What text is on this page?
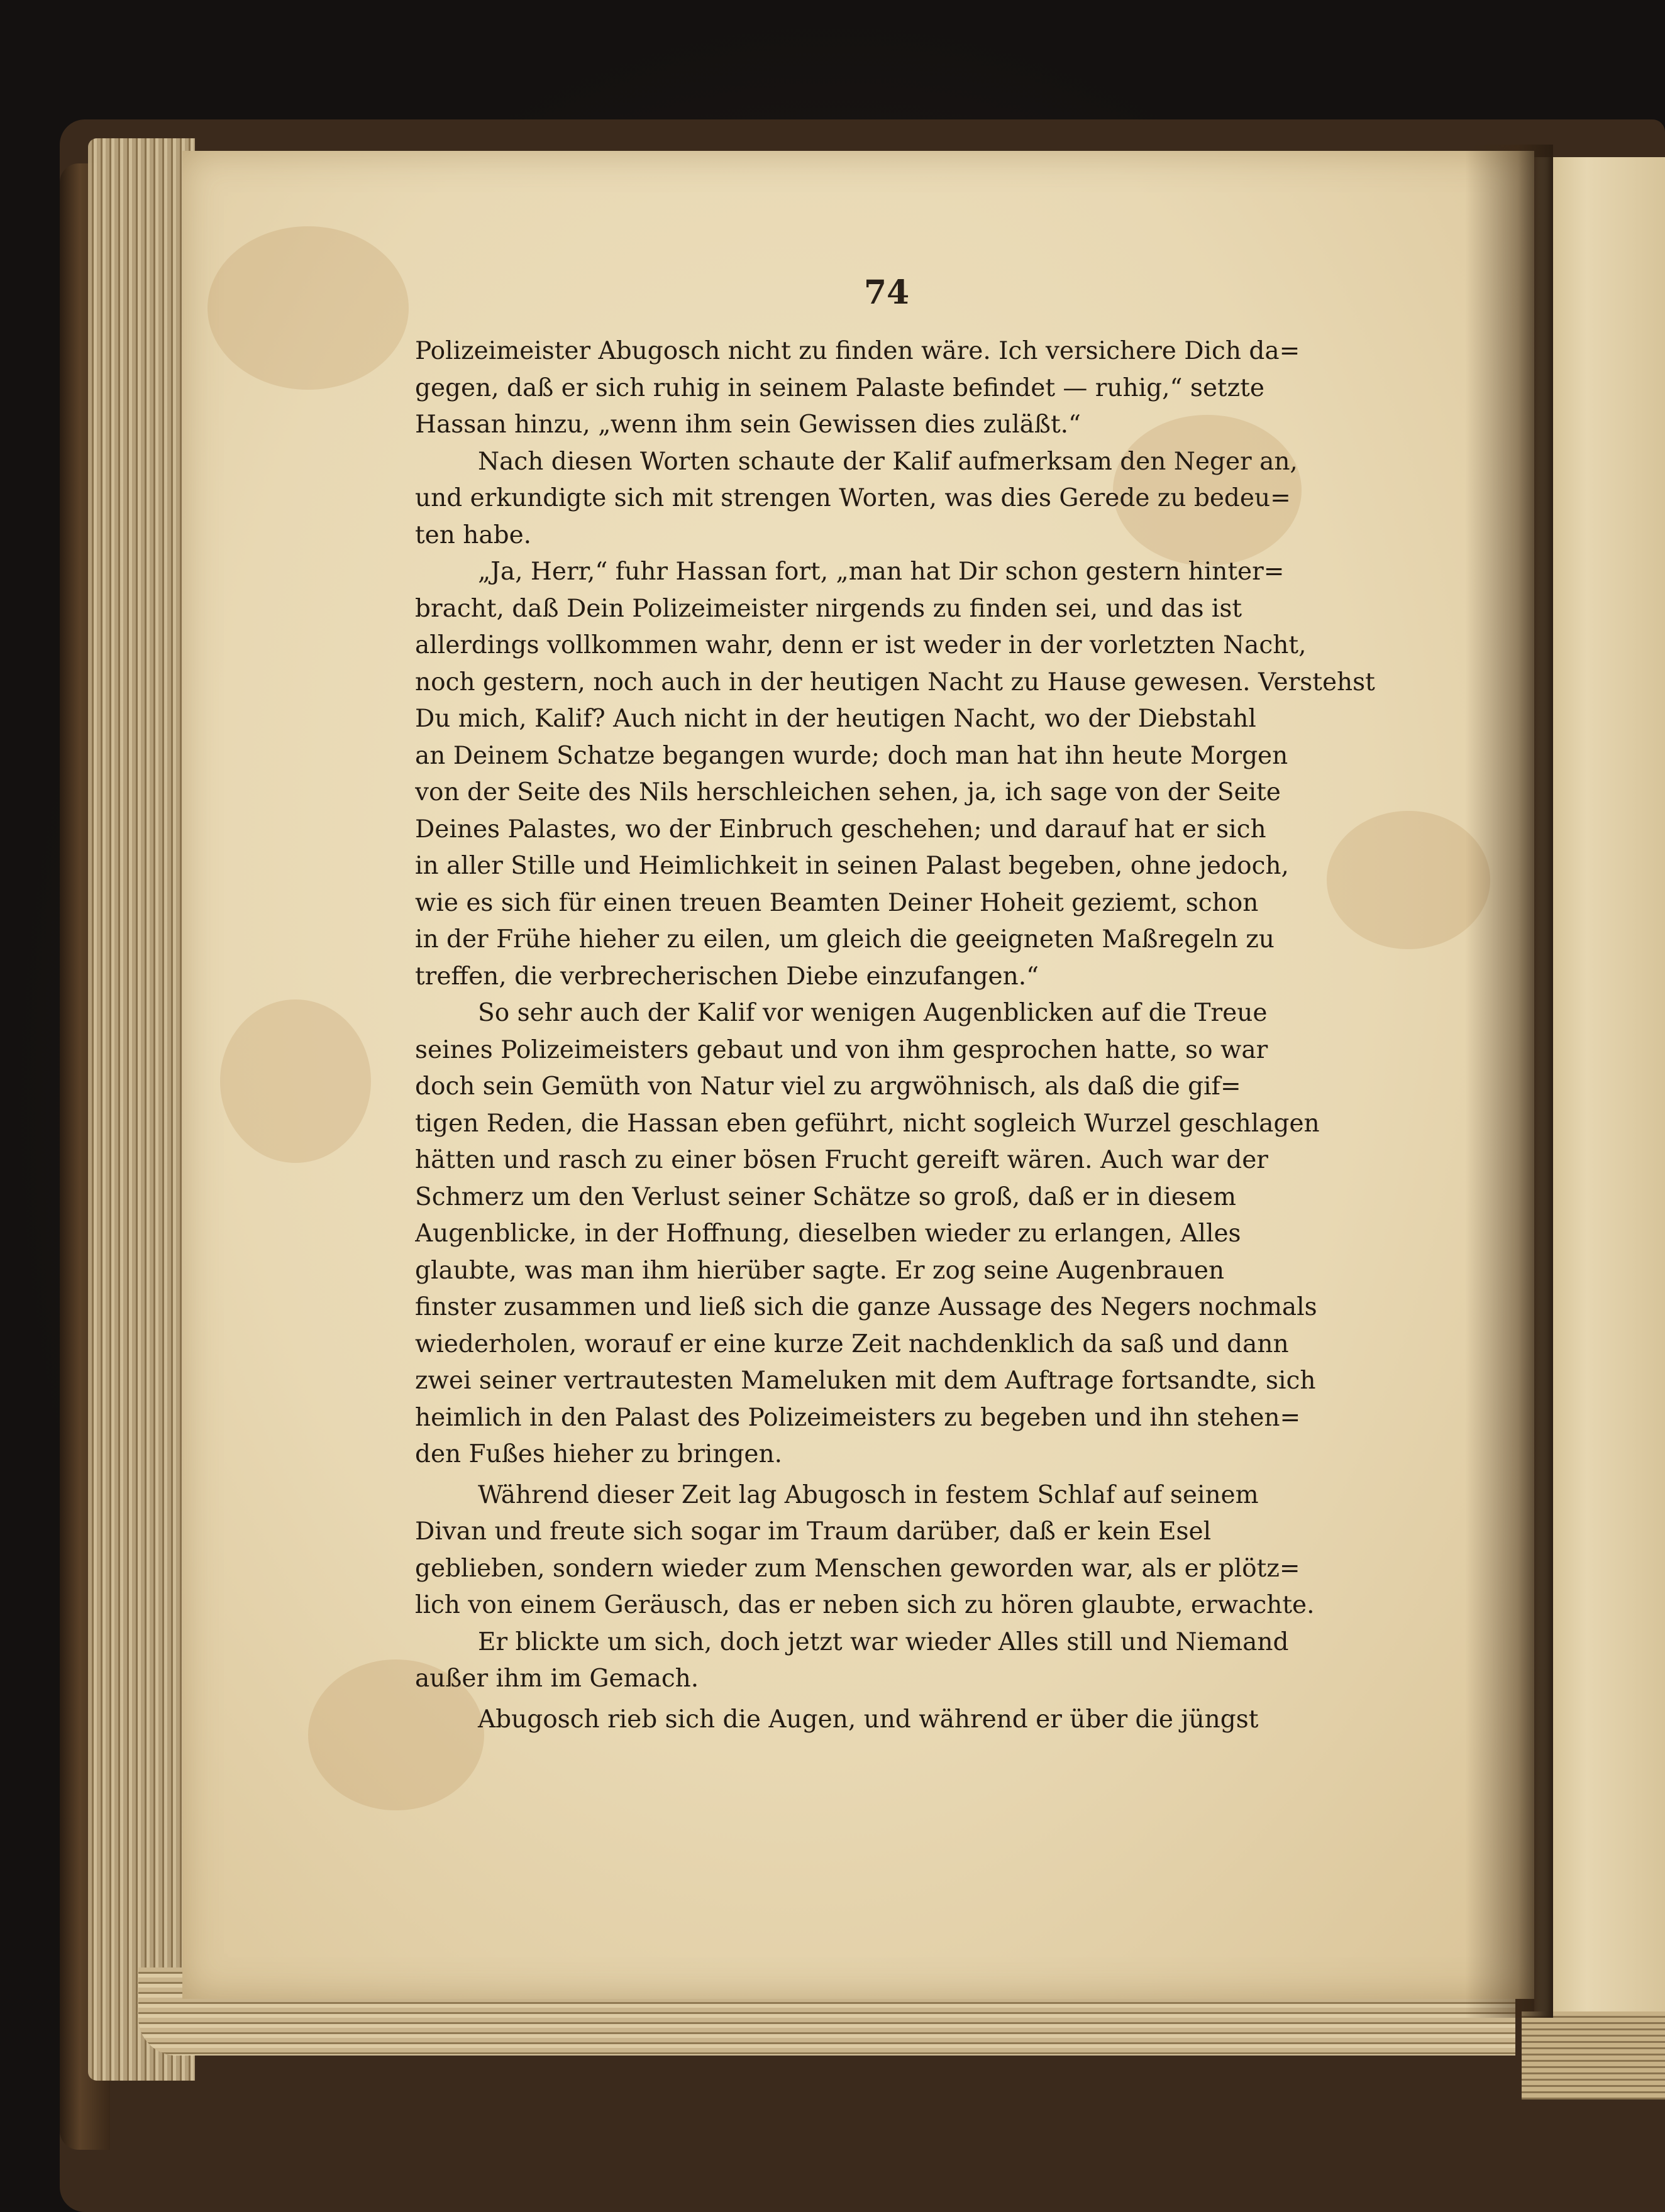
74
Polizeimeister Abugosch nicht zu finden wäre. Ich versichere Dich da=
gegen, daß er sich ruhig in seinem Palaste befindet — ruhig,“ setzte
Hassan hinzu, „wenn ihm sein Gewissen dies zuläßt.“
Nach diesen Worten schaute der Kalif aufmerksam den Neger an,
und erkundigte sich mit strengen Worten, was dies Gerede zu bedeu=
ten habe.
„Ja, Herr,“ fuhr Hassan fort, „man hat Dir schon gestern hinter=
bracht, daß Dein Polizeimeister nirgends zu finden sei, und das ist
allerdings vollkommen wahr, denn er ist weder in der vorletzten Nacht,
noch gestern, noch auch in der heutigen Nacht zu Hause gewesen. Verstehst
Du mich, Kalif? Auch nicht in der heutigen Nacht, wo der Diebstahl
an Deinem Schatze begangen wurde; doch man hat ihn heute Morgen
von der Seite des Nils herschleichen sehen, ja, ich sage von der Seite
Deines Palastes, wo der Einbruch geschehen; und darauf hat er sich
in aller Stille und Heimlichkeit in seinen Palast begeben, ohne jedoch,
wie es sich für einen treuen Beamten Deiner Hoheit geziemt, schon
in der Frühe hieher zu eilen, um gleich die geeigneten Maßregeln zu
treffen, die verbrecherischen Diebe einzufangen.“
So sehr auch der Kalif vor wenigen Augenblicken auf die Treue
seines Polizeimeisters gebaut und von ihm gesprochen hatte, so war
doch sein Gemüth von Natur viel zu argwöhnisch, als daß die gif=
tigen Reden, die Hassan eben geführt, nicht sogleich Wurzel geschlagen
hätten und rasch zu einer bösen Frucht gereift wären. Auch war der
Schmerz um den Verlust seiner Schätze so groß, daß er in diesem
Augenblicke, in der Hoffnung, dieselben wieder zu erlangen, Alles
glaubte, was man ihm hierüber sagte. Er zog seine Augenbrauen
finster zusammen und ließ sich die ganze Aussage des Negers nochmals
wiederholen, worauf er eine kurze Zeit nachdenklich da saß und dann
zwei seiner vertrautesten Mameluken mit dem Auftrage fortsandte, sich
heimlich in den Palast des Polizeimeisters zu begeben und ihn stehen=
den Fußes hieher zu bringen.
Während dieser Zeit lag Abugosch in festem Schlaf auf seinem
Divan und freute sich sogar im Traum darüber, daß er kein Esel
geblieben, sondern wieder zum Menschen geworden war, als er plötz=
lich von einem Geräusch, das er neben sich zu hören glaubte, erwachte.
Er blickte um sich, doch jetzt war wieder Alles still und Niemand
außer ihm im Gemach.
Abugosch rieb sich die Augen, und während er über die jüngst
